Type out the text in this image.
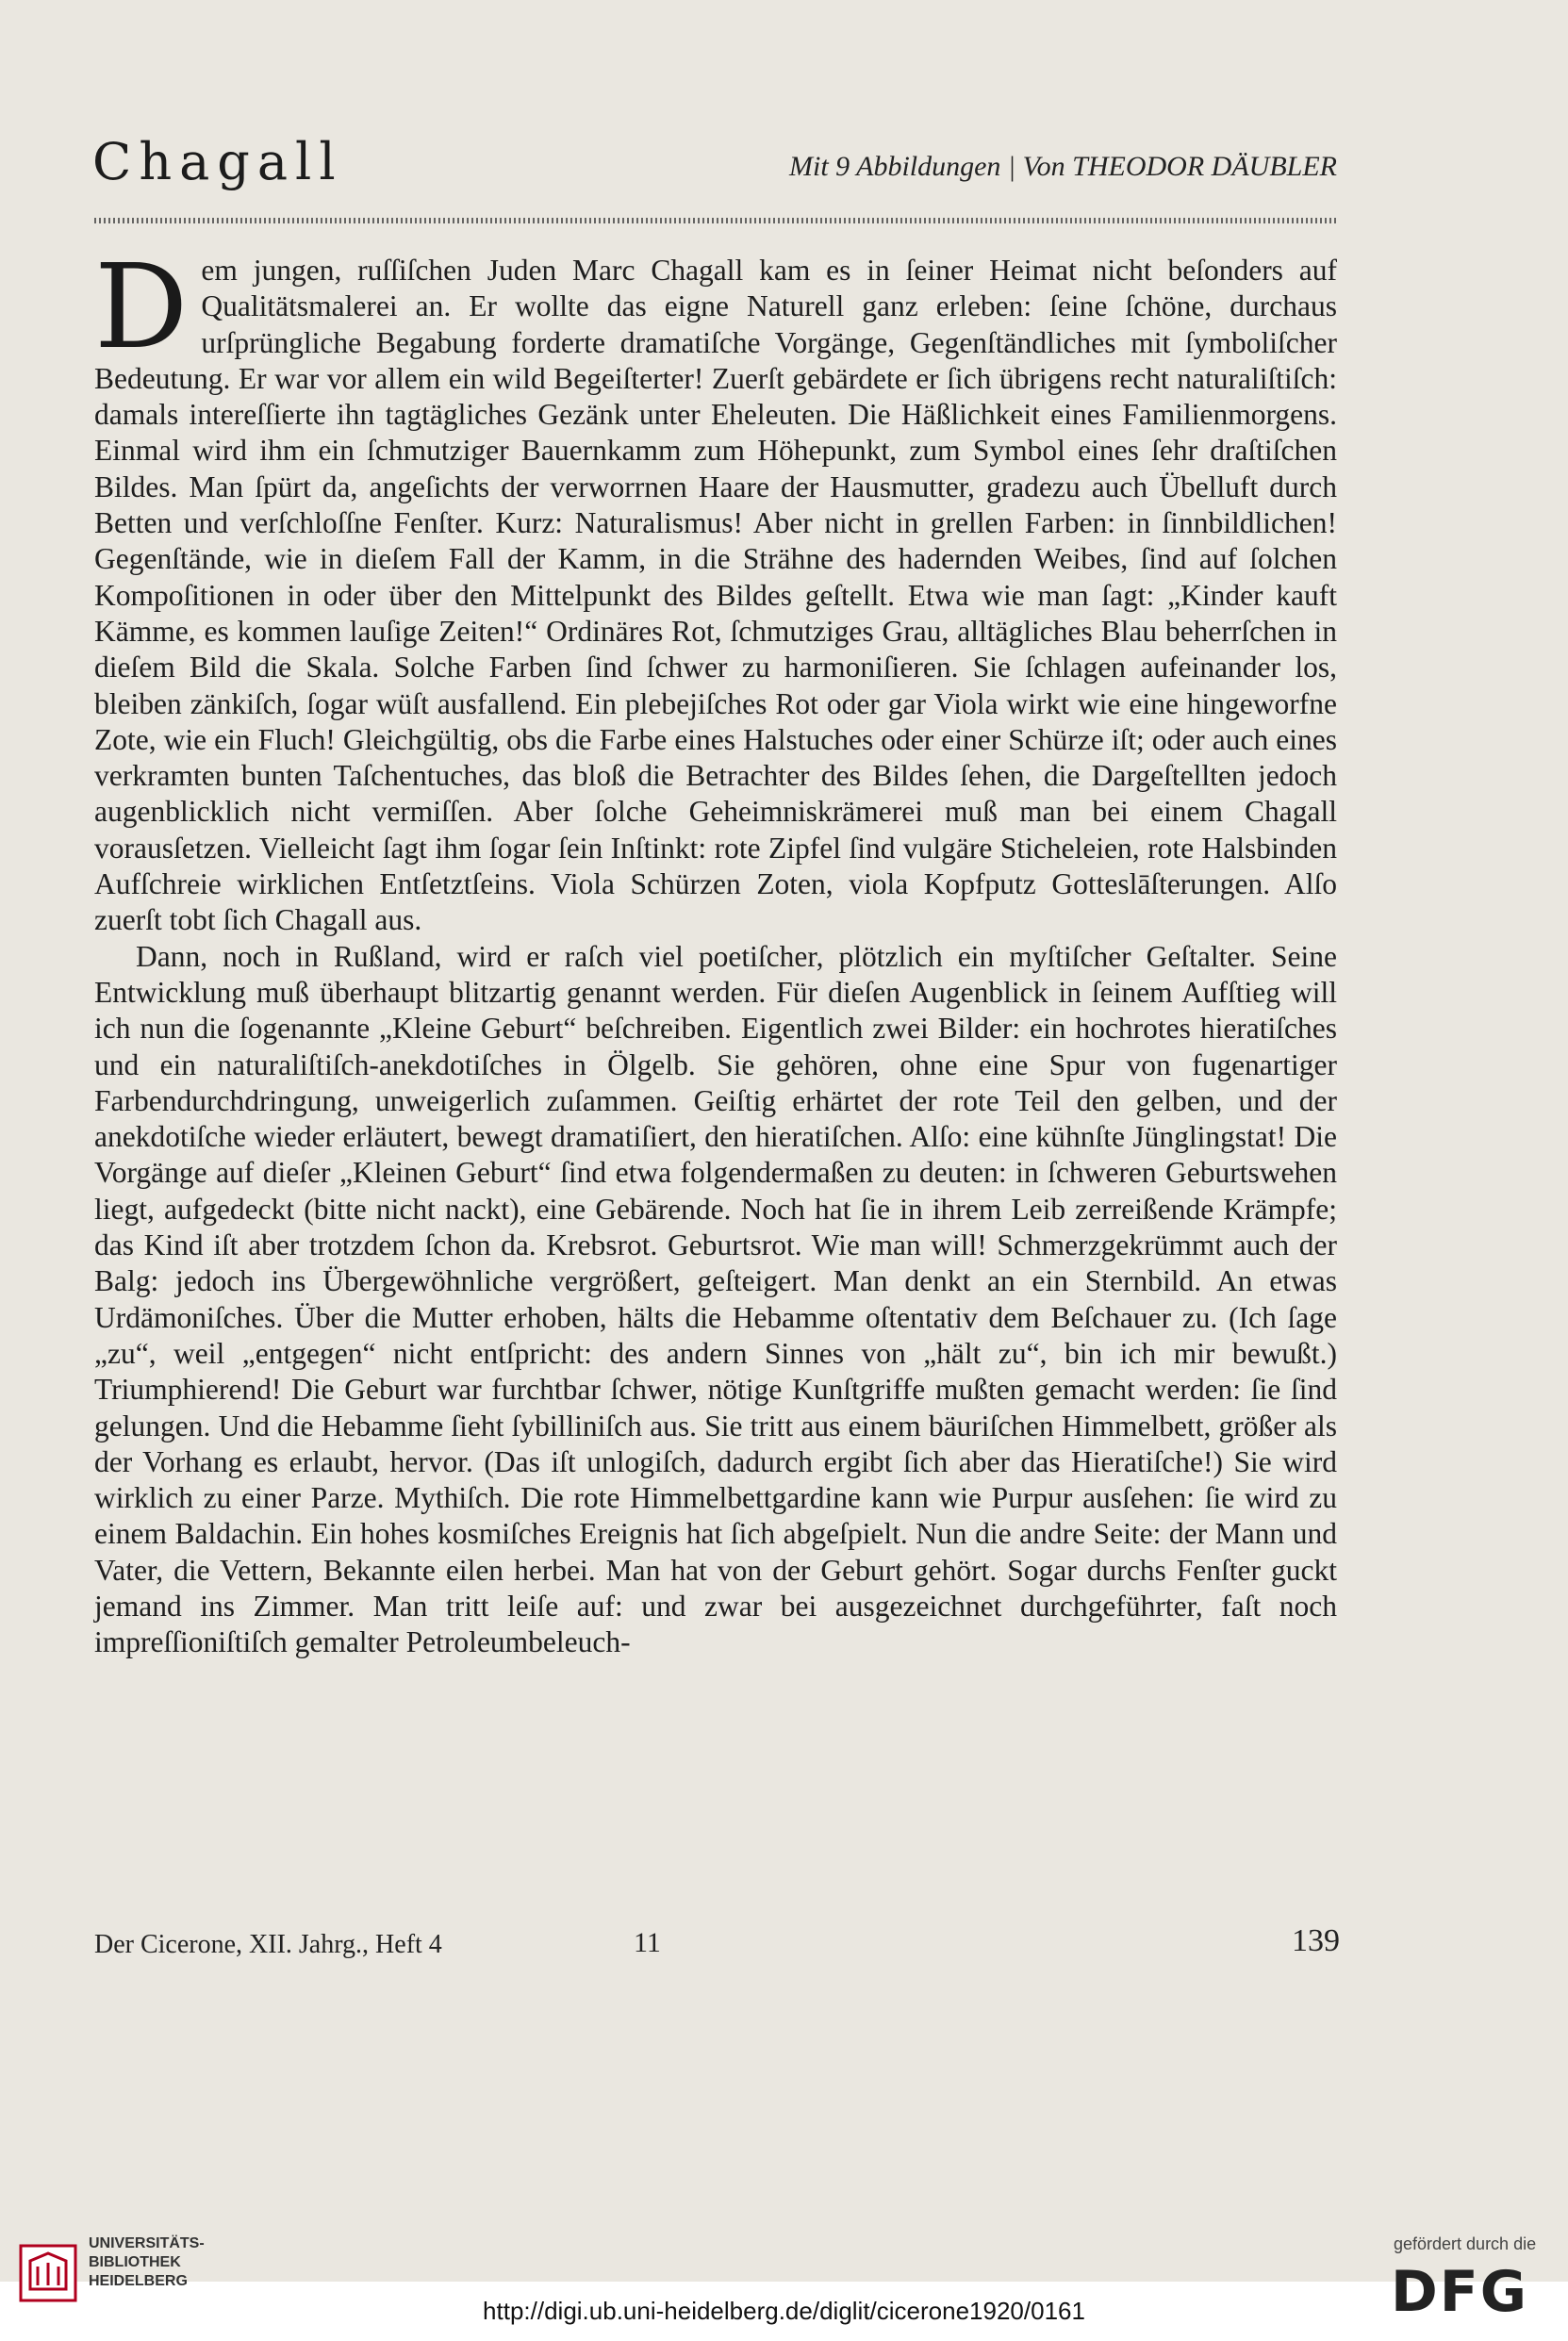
Chagall	Mit 9 Abbildungen | Von THEODOR DÄUBLER

Dem jungen, ruſſiſchen Juden Marc Chagall kam es in ſeiner Heimat nicht beſonders auf Qualitätsmalerei an. Er wollte das eigne Naturell ganz erleben: ſeine ſchöne, durchaus urſprüngliche Begabung forderte dramatiſche Vorgänge, Gegenſtändliches mit ſymboliſcher Bedeutung. Er war vor allem ein wild Begeiſterter! Zuerſt gebärdete er ſich übrigens recht naturaliſtiſch: damals intereſſierte ihn tagtägliches Gezänk unter Eheleuten. Die Häßlichkeit eines Familienmorgens. Einmal wird ihm ein ſchmutziger Bauernkamm zum Höhepunkt, zum Symbol eines ſehr draſtiſchen Bildes. Man ſpürt da, angeſichts der verworrnen Haare der Hausmutter, gradezu auch Übelluft durch Betten und verſchloſſne Fenſter. Kurz: Naturalismus! Aber nicht in grellen Farben: in ſinnbildlichen! Gegenſtände, wie in dieſem Fall der Kamm, in die Strähne des hadernden Weibes, ſind auf ſolchen Kompoſitionen in oder über den Mittelpunkt des Bildes geſtellt. Etwa wie man ſagt: „Kinder kauft Kämme, es kommen lauſige Zeiten!“ Ordinäres Rot, ſchmutziges Grau, alltägliches Blau beherrſchen in dieſem Bild die Skala. Solche Farben ſind ſchwer zu harmoniſieren. Sie ſchlagen aufeinander los, bleiben zänkiſch, ſogar wüſt ausfallend. Ein plebejiſches Rot oder gar Viola wirkt wie eine hingeworfne Zote, wie ein Fluch! Gleichgültig, obs die Farbe eines Halstuches oder einer Schürze iſt; oder auch eines verkramten bunten Taſchentuches, das bloß die Betrachter des Bildes ſehen, die Dargeſtellten jedoch augenblicklich nicht vermiſſen. Aber ſolche Geheimniskrämerei muß man bei einem Chagall vorausſetzen. Vielleicht ſagt ihm ſogar ſein Inſtinkt: rote Zipfel ſind vulgäre Sticheleien, rote Halsbinden Aufſchreie wirklichen Entſetztſeins. Viola Schürzen Zoten, viola Kopfputz Gotteslāſterungen. Alſo zuerſt tobt ſich Chagall aus.

Dann, noch in Rußland, wird er raſch viel poetiſcher, plötzlich ein myſtiſcher Geſtalter. Seine Entwicklung muß überhaupt blitzartig genannt werden. Für dieſen Augenblick in ſeinem Aufſtieg will ich nun die ſogenannte „Kleine Geburt“ beſchreiben. Eigentlich zwei Bilder: ein hochrotes hieratiſches und ein naturaliſtiſch-anekdotiſches in Ölgelb. Sie gehören, ohne eine Spur von fugenartiger Farbendurchdringung, unweigerlich zuſammen. Geiſtig erhärtet der rote Teil den gelben, und der anekdotiſche wieder erläutert, bewegt dramatiſiert, den hieratiſchen. Alſo: eine kühnſte Jünglingstat! Die Vorgänge auf dieſer „Kleinen Geburt“ ſind etwa folgendermaßen zu deuten: in ſchweren Geburtswehen liegt, aufgedeckt (bitte nicht nackt), eine Gebärende. Noch hat ſie in ihrem Leib zerreißende Krämpfe; das Kind iſt aber trotzdem ſchon da. Krebsrot. Geburtsrot. Wie man will! Schmerzgekrümmt auch der Balg: jedoch ins Übergewöhnliche vergrößert, geſteigert. Man denkt an ein Sternbild. An etwas Urdämoniſches. Über die Mutter erhoben, hälts die Hebamme oſtentativ dem Beſchauer zu. (Ich ſage „zu“, weil „entgegen“ nicht entſpricht: des andern Sinnes von „hält zu“, bin ich mir bewußt.) Triumphierend! Die Geburt war furchtbar ſchwer, nötige Kunſtgriffe mußten gemacht werden: ſie ſind gelungen. Und die Hebamme ſieht ſybilliniſch aus. Sie tritt aus einem bäuriſchen Himmelbett, größer als der Vorhang es erlaubt, hervor. (Das iſt unlogiſch, dadurch ergibt ſich aber das Hieratiſche!) Sie wird wirklich zu einer Parze. Mythiſch. Die rote Himmelbettgardine kann wie Purpur ausſehen: ſie wird zu einem Baldachin. Ein hohes kosmiſches Ereignis hat ſich abgeſpielt. Nun die andre Seite: der Mann und Vater, die Vettern, Bekannte eilen herbei. Man hat von der Geburt gehört. Sogar durchs Fenſter guckt jemand ins Zimmer. Man tritt leiſe auf: und zwar bei ausgezeichnet durchgeführter, faſt noch impreſſioniſtiſch gemalter Petroleumbeleuch-

Der Cicerone, XII. Jahrg., Heft 4	11	139
UNIVERSITÄTS-
BIBLIOTHEK
HEIDELBERG
http://digi.ub.uni-heidelberg.de/diglit/cicerone1920/0161
gefördert durch die
DFG
